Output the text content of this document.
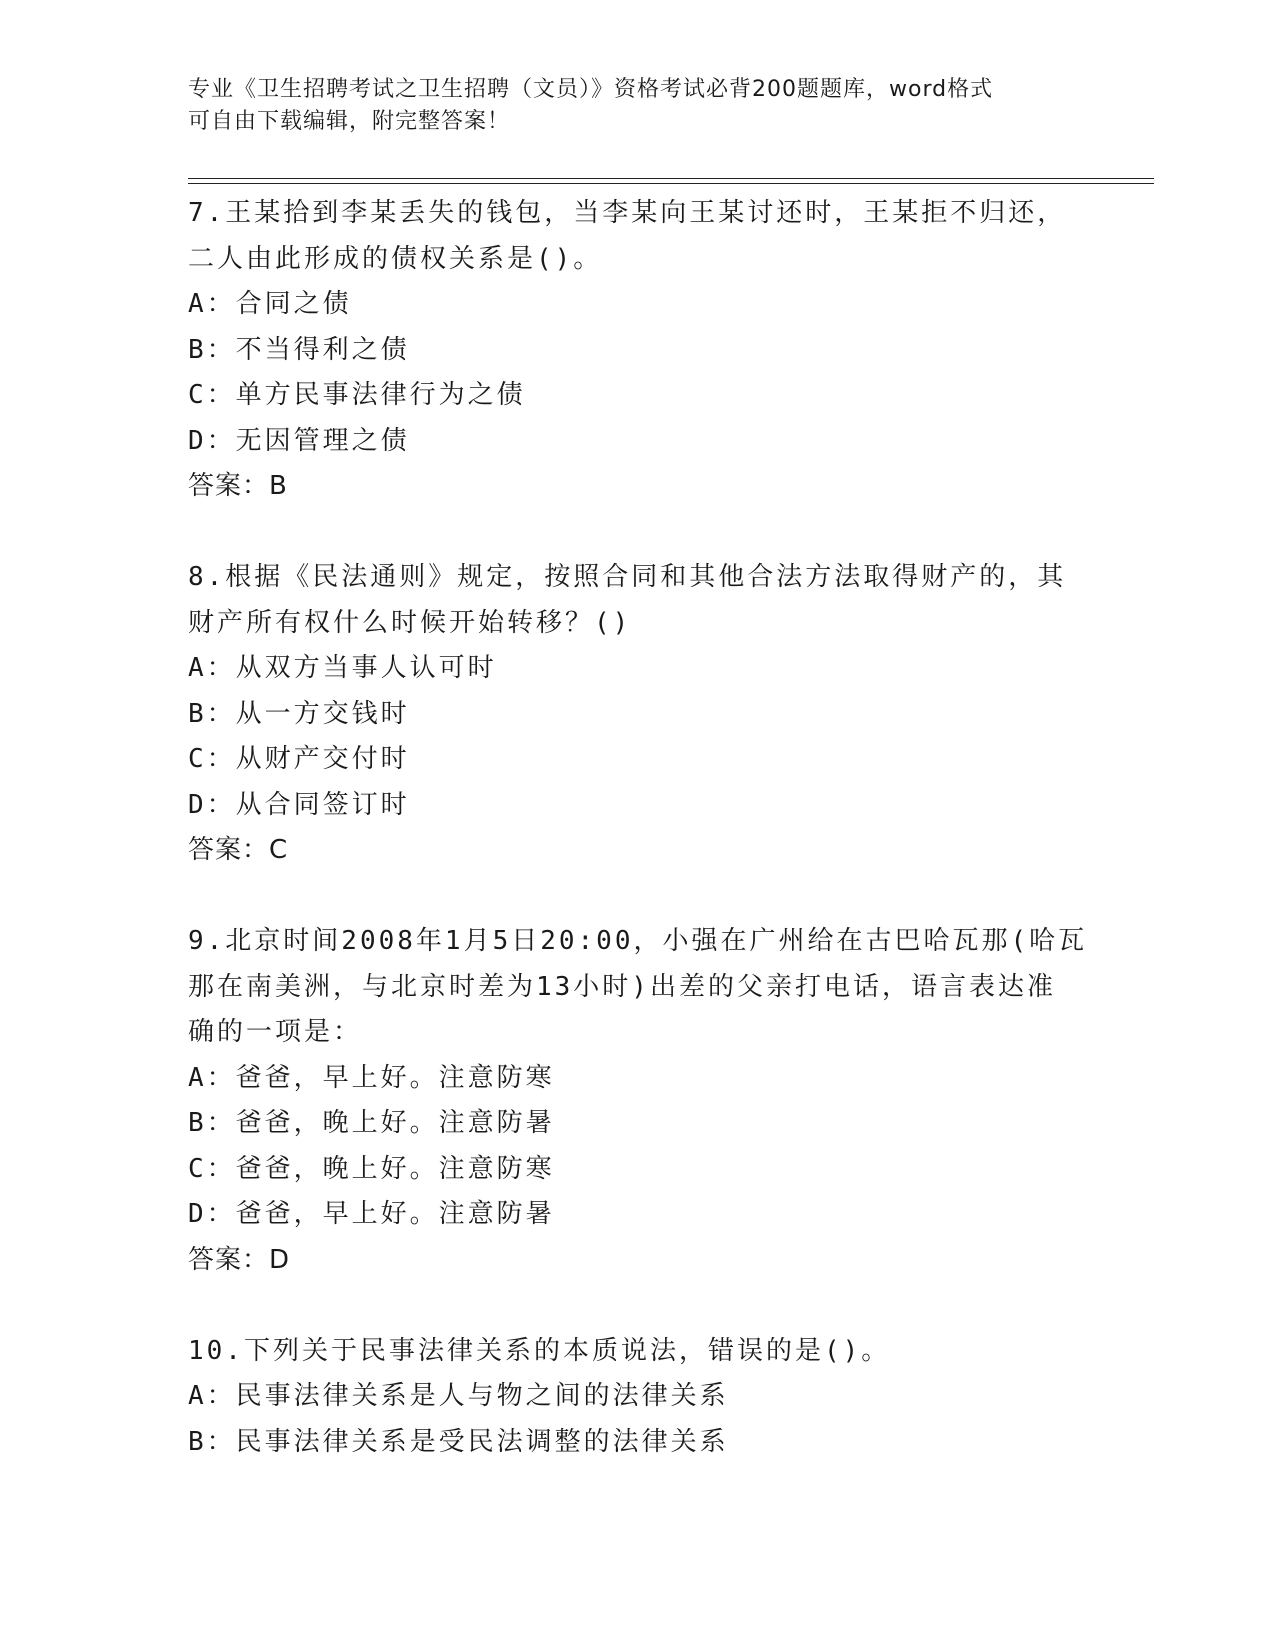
专业《卫生招聘考试之卫生招聘（文员）》资格考试必背200题题库，word格式
可自由下载编辑，附完整答案！
7.王某拾到李某丢失的钱包，当李某向王某讨还时，王某拒不归还，
二人由此形成的债权关系是()。
A：合同之债
B：不当得利之债
C：单方民事法律行为之债
D：无因管理之债
答案：B
8.根据《民法通则》规定，按照合同和其他合法方法取得财产的，其
财产所有权什么时候开始转移？()
A：从双方当事人认可时
B：从一方交钱时
C：从财产交付时
D：从合同签订时
答案：C
9.北京时间2008年1月5日20:00，小强在广州给在古巴哈瓦那(哈瓦
那在南美洲，与北京时差为13小时)出差的父亲打电话，语言表达准
确的一项是：
A：爸爸，早上好。注意防寒
B：爸爸，晚上好。注意防暑
C：爸爸，晚上好。注意防寒
D：爸爸，早上好。注意防暑
答案：D
10.下列关于民事法律关系的本质说法，错误的是()。
A：民事法律关系是人与物之间的法律关系
B：民事法律关系是受民法调整的法律关系
